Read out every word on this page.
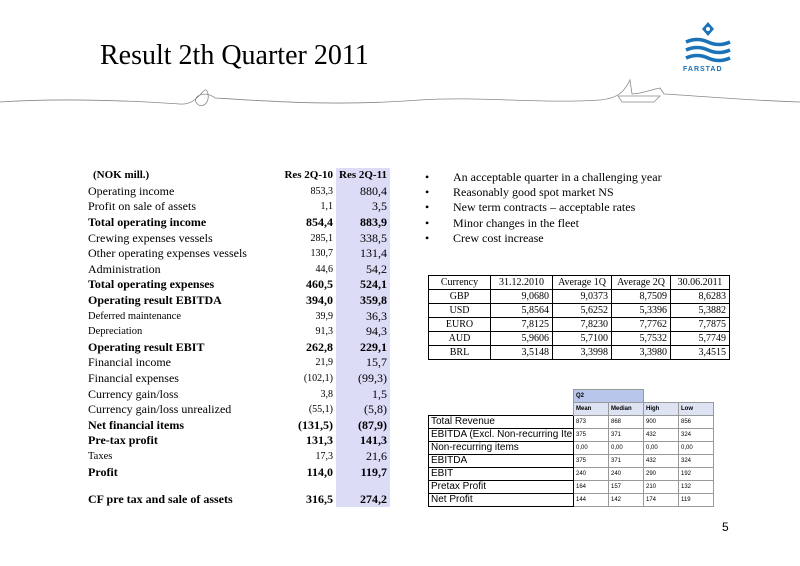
Result 2th Quarter 2011	FARSTAD
(NOK mill.)	Res 2Q-10	Res 2Q-11
Operating income	853,3	880,4
Profit on sale of assets	1,1	3,5
Total operating income	854,4	883,9
Crewing expenses vessels	285,1	338,5
Other operating expenses vessels	130,7	131,4
Administration	44,6	54,2
Total operating expenses	460,5	524,1
Operating result EBITDA	394,0	359,8
Deferred maintenance	39,9	36,3
Depreciation	91,3	94,3
Operating result EBIT	262,8	229,1
Financial income	21,9	15,7
Financial expenses	(102,1)	(99,3)
Currency gain/loss	3,8	1,5
Currency gain/loss unrealized	(55,1)	(5,8)
Net financial items	(131,5)	(87,9)
Pre-tax profit	131,3	141,3
Taxes	17,3	21,6
Profit	114,0	119,7

CF pre tax and sale of assets	316,5	274,2
• An acceptable quarter in a challenging year
• Reasonably good spot market NS
• New term contracts – acceptable rates
• Minor changes in the fleet
• Crew cost increase
Currency	31.12.2010	Average 1Q	Average 2Q	30.06.2011
GBP	9,0680	9,0373	8,7509	8,6283
USD	5,8564	5,6252	5,3396	5,3882
EURO	7,8125	7,8230	7,7762	7,7875
AUD	5,9606	5,7100	5,7532	5,7749
BRL	3,5148	3,3998	3,3980	3,4515
	Q2			
	Mean	Median	High	Low
Total Revenue	873	868	900	856
EBITDA (Excl. Non-recurring Ite	375	371	432	324
Non-recurring items	0,00	0,00	0,00	0,00
EBITDA	375	371	432	324
EBIT	240	240	290	192
Pretax Profit	164	157	210	132
Net Profit	144	142	174	119
5
